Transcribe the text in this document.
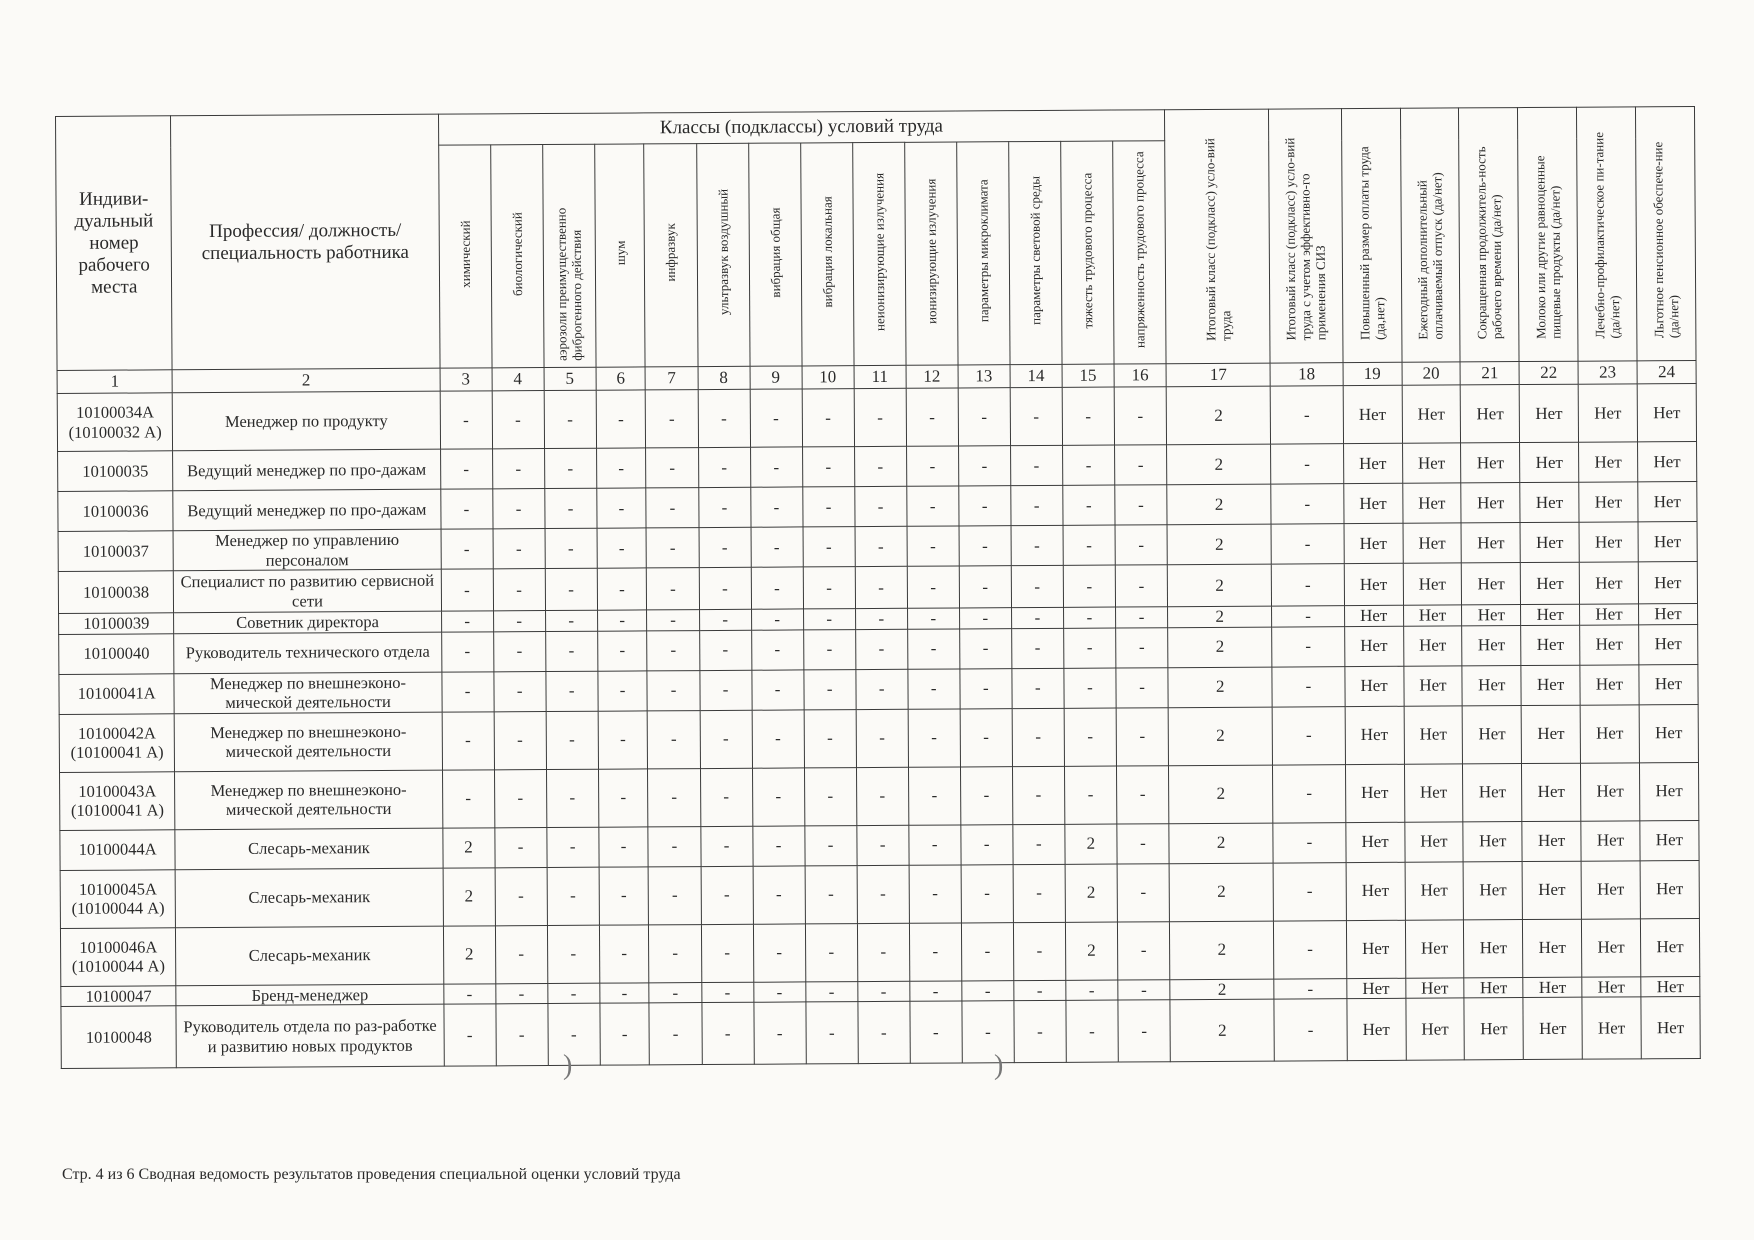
Индиви-дуальный номер рабочего места	Профессия/ должность/ специальность работника	Классы (подклассы) условий труда														Итоговый класс (подкласс) усло-вий труда	Итоговый класс (подкласс) усло-вий труда с учетом эффективно-го применения СИЗ	Повышенный размер оплаты труда (да,нет)	Ежегодный дополнительный оплачиваемый отпуск (да/нет)	Сокращенная продолжитель-ность рабочего времени (да/нет)	Молоко или другие равноценные пищевые продукты (да/нет)	Лечебно-профилактическое пи-тание (да/нет)	Льготное пенсионное обеспече-ние (да/нет)
		химический	биологический	аэрозоли преимущественно фиброгенного действия	шум	инфразвук	ультразвук воздушный	вибрация общая	вибрация локальная	неионизирующие излучения	ионизирующие излучения	параметры микроклимата	параметры световой среды	тяжесть трудового процесса	напряженность трудового процесса								
1	2	3	4	5	6	7	8	9	10	11	12	13	14	15	16	17	18	19	20	21	22	23	24
10100034А (10100032 А)	Менеджер по продукту	-	-	-	-	-	-	-	-	-	-	-	-	-	-	2	-	Нет	Нет	Нет	Нет	Нет	Нет
10100035	Ведущий менеджер по про-дажам	-	-	-	-	-	-	-	-	-	-	-	-	-	-	2	-	Нет	Нет	Нет	Нет	Нет	Нет
10100036	Ведущий менеджер по про-дажам	-	-	-	-	-	-	-	-	-	-	-	-	-	-	2	-	Нет	Нет	Нет	Нет	Нет	Нет
10100037	Менеджер по управлению персоналом	-	-	-	-	-	-	-	-	-	-	-	-	-	-	2	-	Нет	Нет	Нет	Нет	Нет	Нет
10100038	Специалист по развитию сервисной сети	-	-	-	-	-	-	-	-	-	-	-	-	-	-	2	-	Нет	Нет	Нет	Нет	Нет	Нет
10100039	Советник директора	-	-	-	-	-	-	-	-	-	-	-	-	-	-	2	-	Нет	Нет	Нет	Нет	Нет	Нет
10100040	Руководитель технического отдела	-	-	-	-	-	-	-	-	-	-	-	-	-	-	2	-	Нет	Нет	Нет	Нет	Нет	Нет
10100041А	Менеджер по внешнеэконо-мической деятельности	-	-	-	-	-	-	-	-	-	-	-	-	-	-	2	-	Нет	Нет	Нет	Нет	Нет	Нет
10100042А (10100041 А)	Менеджер по внешнеэконо-мической деятельности	-	-	-	-	-	-	-	-	-	-	-	-	-	-	2	-	Нет	Нет	Нет	Нет	Нет	Нет
10100043А (10100041 А)	Менеджер по внешнеэконо-мической деятельности	-	-	-	-	-	-	-	-	-	-	-	-	-	-	2	-	Нет	Нет	Нет	Нет	Нет	Нет
10100044А	Слесарь-механик	2	-	-	-	-	-	-	-	-	-	-	-	2	-	2	-	Нет	Нет	Нет	Нет	Нет	Нет
10100045А (10100044 А)	Слесарь-механик	2	-	-	-	-	-	-	-	-	-	-	-	2	-	2	-	Нет	Нет	Нет	Нет	Нет	Нет
10100046А (10100044 А)	Слесарь-механик	2	-	-	-	-	-	-	-	-	-	-	-	2	-	2	-	Нет	Нет	Нет	Нет	Нет	Нет
10100047	Бренд-менеджер	-	-	-	-	-	-	-	-	-	-	-	-	-	-	2	-	Нет	Нет	Нет	Нет	Нет	Нет
10100048	Руководитель отдела по раз-работке и развитию новых продуктов	-	-	-	-	-	-	-	-	-	-	-	-	-	-	2	-	Нет	Нет	Нет	Нет	Нет	Нет
Стр. 4 из 6 Сводная ведомость результатов проведения специальной оценки условий труда
)	)
